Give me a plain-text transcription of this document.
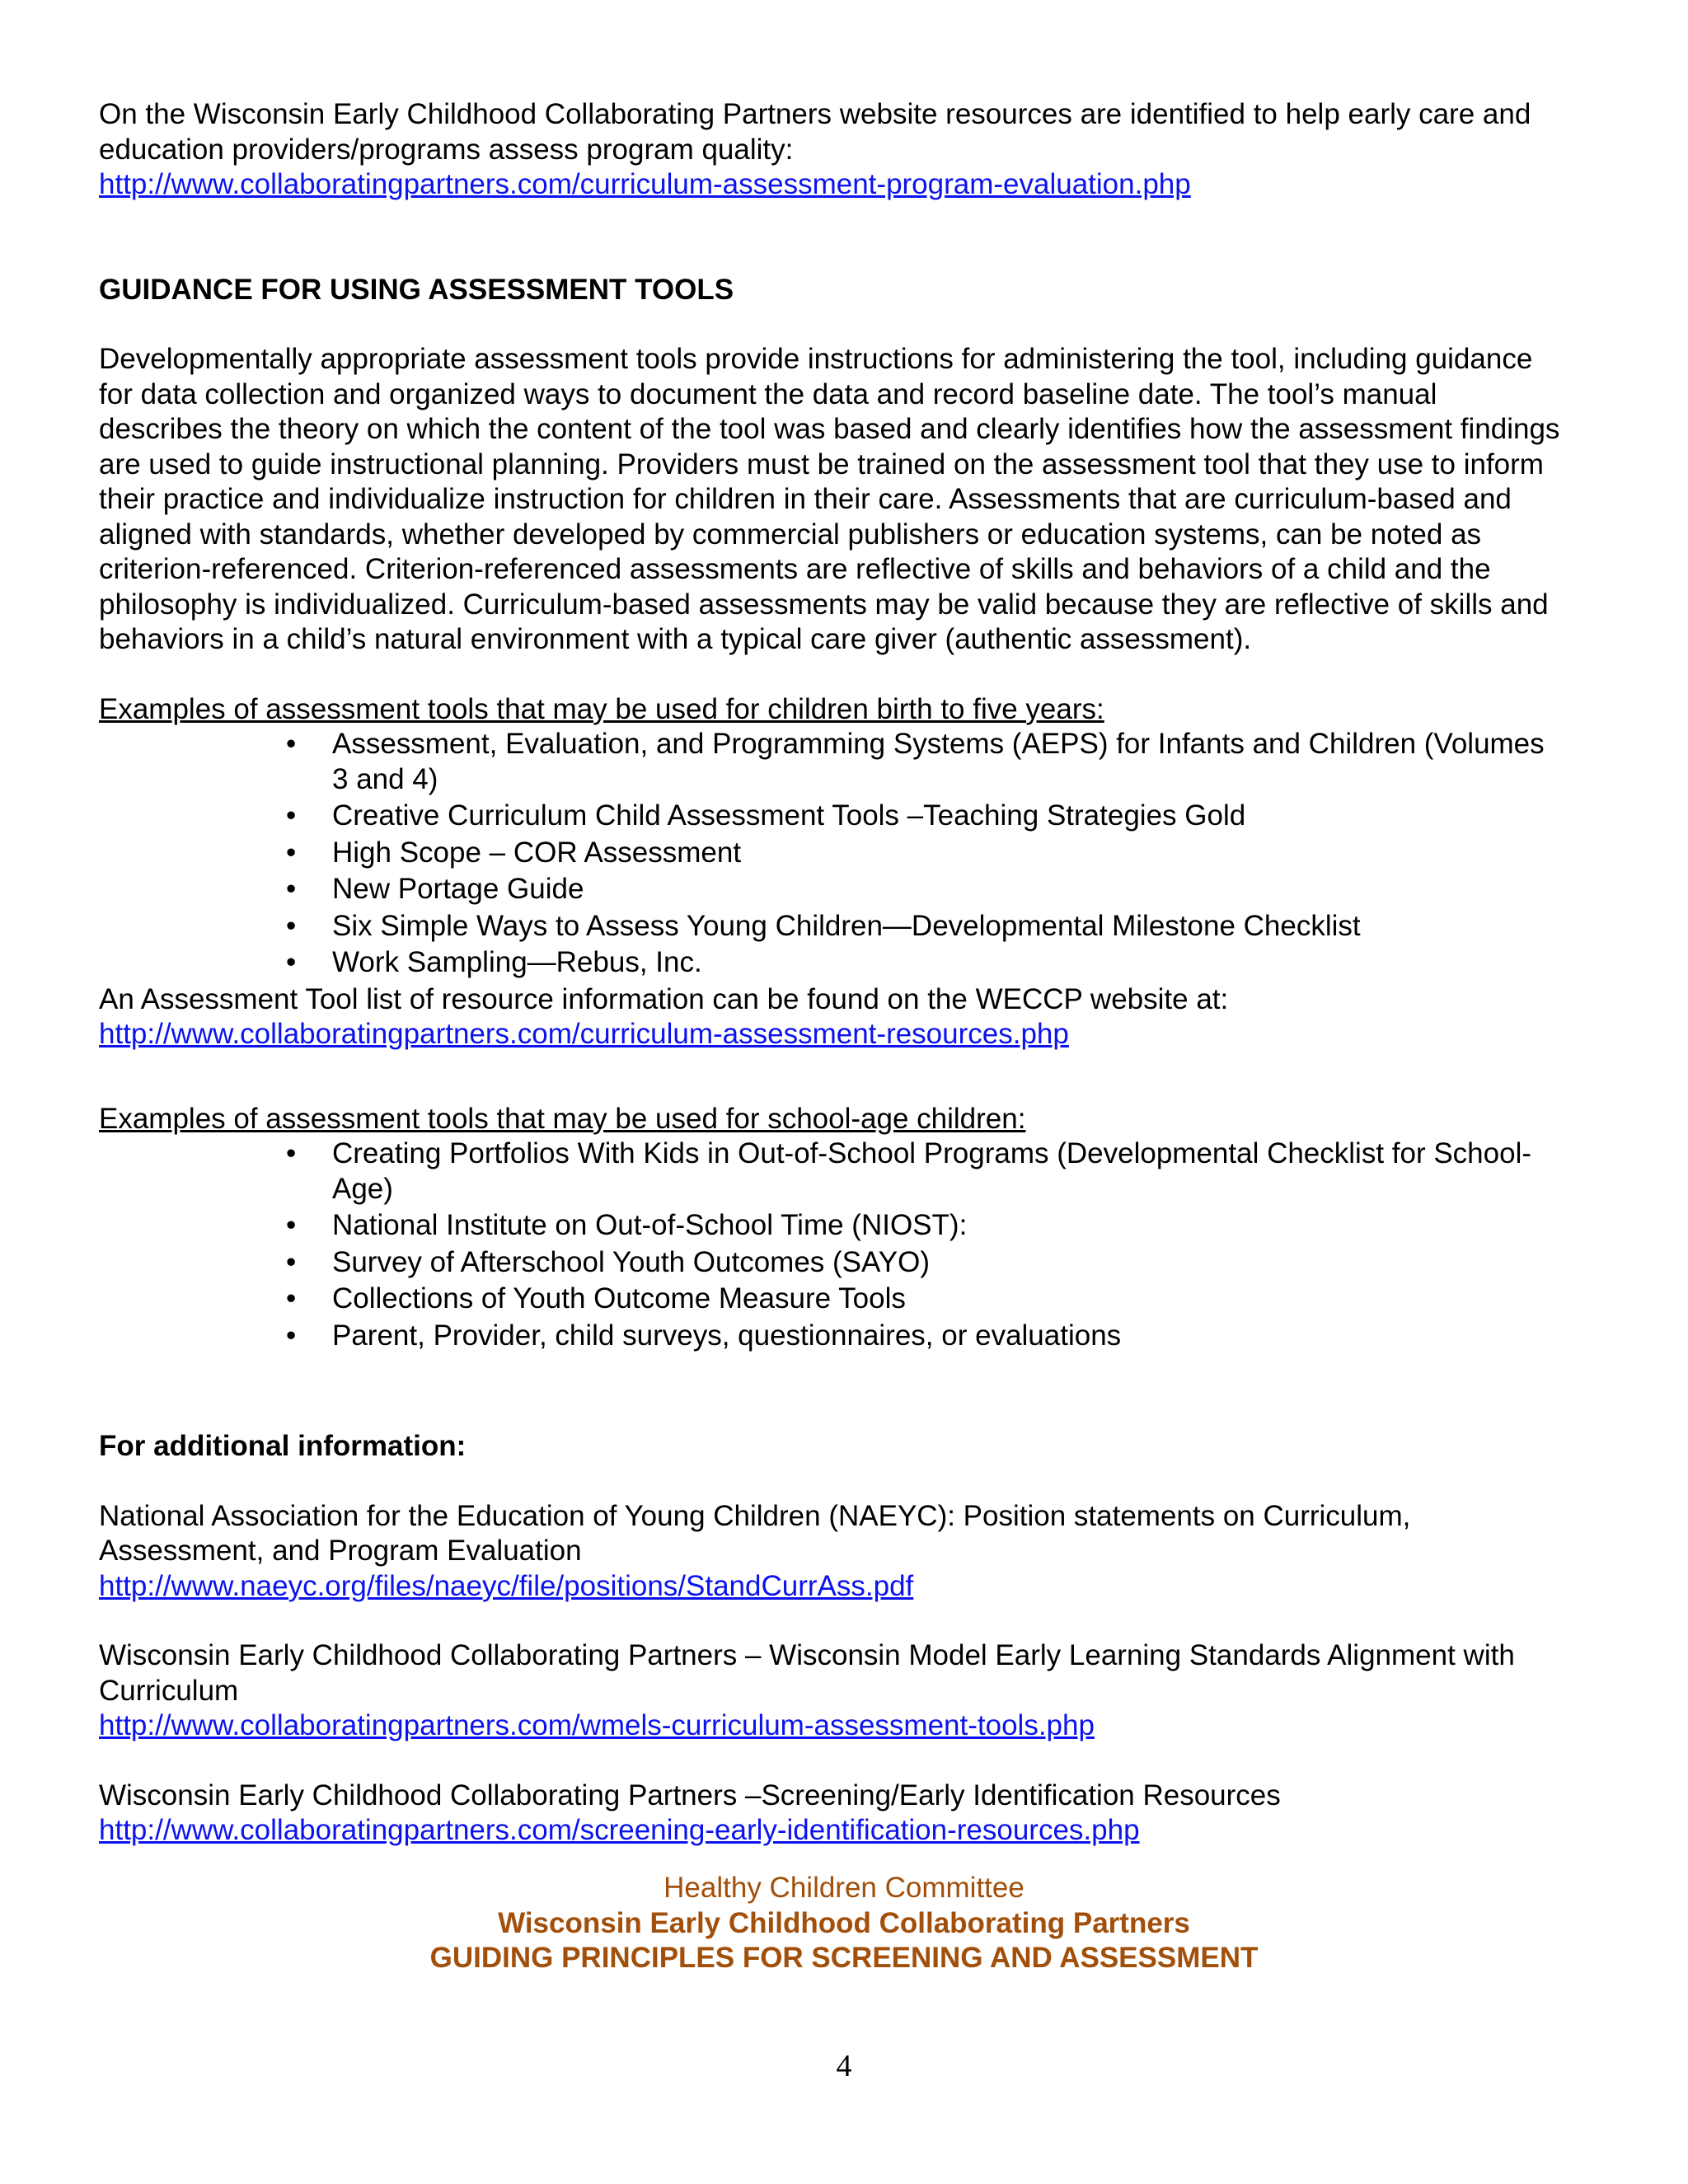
On the Wisconsin Early Childhood Collaborating Partners website resources are identified to help early care and education providers/programs assess program quality:

http://www.collaboratingpartners.com/curriculum-assessment-program-evaluation.php

GUIDANCE FOR USING ASSESSMENT TOOLS

Developmentally appropriate assessment tools provide instructions for administering the tool, including guidance for data collection and organized ways to document the data and record baseline date. The tool’s manual describes the theory on which the content of the tool was based and clearly identifies how the assessment findings are used to guide instructional planning. Providers must be trained on the assessment tool that they use to inform their practice and individualize instruction for children in their care. Assessments that are curriculum-based and aligned with standards, whether developed by commercial publishers or education systems, can be noted as criterion-referenced. Criterion-referenced assessments are reflective of skills and behaviors of a child and the philosophy is individualized. Curriculum-based assessments may be valid because they are reflective of skills and behaviors in a child’s natural environment with a typical care giver (authentic assessment).

Examples of assessment tools that may be used for children birth to five years:

• Assessment, Evaluation, and Programming Systems (AEPS) for Infants and Children (Volumes 3 and 4)
• Creative Curriculum Child Assessment Tools –Teaching Strategies Gold
• High Scope – COR Assessment
• New Portage Guide
• Six Simple Ways to Assess Young Children—Developmental Milestone Checklist
• Work Sampling—Rebus, Inc.

An Assessment Tool list of resource information can be found on the WECCP website at:

http://www.collaboratingpartners.com/curriculum-assessment-resources.php

Examples of assessment tools that may be used for school-age children:

• Creating Portfolios With Kids in Out-of-School Programs (Developmental Checklist for School-Age)
• National Institute on Out-of-School Time (NIOST):
• Survey of Afterschool Youth Outcomes (SAYO)
• Collections of Youth Outcome Measure Tools
• Parent, Provider, child surveys, questionnaires, or evaluations

For additional information:

National Association for the Education of Young Children (NAEYC): Position statements on Curriculum, Assessment, and Program Evaluation

http://www.naeyc.org/files/naeyc/file/positions/StandCurrAss.pdf

Wisconsin Early Childhood Collaborating Partners – Wisconsin Model Early Learning Standards Alignment with Curriculum

http://www.collaboratingpartners.com/wmels-curriculum-assessment-tools.php

Wisconsin Early Childhood Collaborating Partners –Screening/Early Identification Resources

http://www.collaboratingpartners.com/screening-early-identification-resources.php

Healthy Children Committee
Wisconsin Early Childhood Collaborating Partners
GUIDING PRINCIPLES FOR SCREENING AND ASSESSMENT
4
